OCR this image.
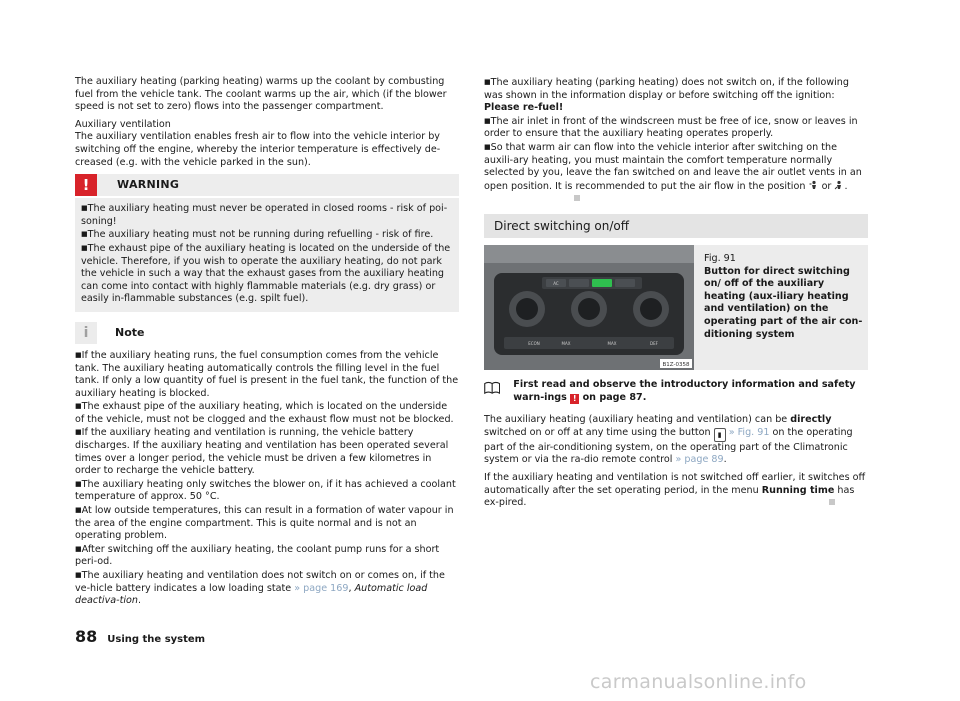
The auxiliary heating (parking heating) warms up the coolant by combusting fuel from the vehicle tank. The coolant warms up the air, which (if the blower speed is not set to zero) flows into the passenger compartment.

Auxiliary ventilation

The auxiliary ventilation enables fresh air to flow into the vehicle interior by switching off the engine, whereby the interior temperature is effectively de-creased (e.g. with the vehicle parked in the sun).

!	WARNING
■ The auxiliary heating must never be operated in closed rooms - risk of poi-soning!
■ The auxiliary heating must not be running during refuelling - risk of fire.
■ The exhaust pipe of the auxiliary heating is located on the underside of the vehicle. Therefore, if you wish to operate the auxiliary heating, do not park the vehicle in such a way that the exhaust gases from the auxiliary heating can come into contact with highly flammable materials (e.g. dry grass) or easily in-flammable substances (e.g. spilt fuel).
i	Note
■ If the auxiliary heating runs, the fuel consumption comes from the vehicle tank. The auxiliary heating automatically controls the filling level in the fuel tank. If only a low quantity of fuel is present in the fuel tank, the function of the auxiliary heating is blocked.
■ The exhaust pipe of the auxiliary heating, which is located on the underside of the vehicle, must not be clogged and the exhaust flow must not be blocked.
■ If the auxiliary heating and ventilation is running, the vehicle battery discharges. If the auxiliary heating and ventilation has been operated several times over a longer period, the vehicle must be driven a few kilometres in order to recharge the vehicle battery.
■ The auxiliary heating only switches the blower on, if it has achieved a coolant temperature of approx. 50 °C.
■ At low outside temperatures, this can result in a formation of water vapour in the area of the engine compartment. This is quite normal and is not an operating problem.
■ After switching off the auxiliary heating, the coolant pump runs for a short peri-od.
■ The auxiliary heating and ventilation does not switch on or comes on, if the ve-hicle battery indicates a low loading state » page 169, Automatic load deactiva-tion.
■ The auxiliary heating (parking heating) does not switch on, if the following was shown in the information display or before switching off the ignition: Please re-fuel!
■ The air inlet in front of the windscreen must be free of ice, snow or leaves in order to ensure that the auxiliary heating operates properly.
■ So that warm air can flow into the vehicle interior after switching on the auxili-ary heating, you must maintain the comfort temperature normally selected by you, leave the fan switched on and leave the air outlet vents in an open position. It is recommended to put the air flow in the position or .
Direct switching on/off
AC
ECON	MAX	MAX	DEF
B1Z-0358
Fig. 91
Button for direct switching on/ off of the auxiliary heating (aux-iliary heating and ventilation) on the operating part of the air con-ditioning system
First read and observe the introductory information and safety warn-ings ! on page 87.

The auxiliary heating (auxiliary heating and ventilation) can be directly switched on or off at any time using the button ▮ » Fig. 91 on the operating part of the air-conditioning system, on the operating part of the Climatronic system or via the ra-dio remote control » page 89.

If the auxiliary heating and ventilation is not switched off earlier, it switches off automatically after the set operating period, in the menu Running time has ex-pired.

88 Using the system
carmanualsonline.info
